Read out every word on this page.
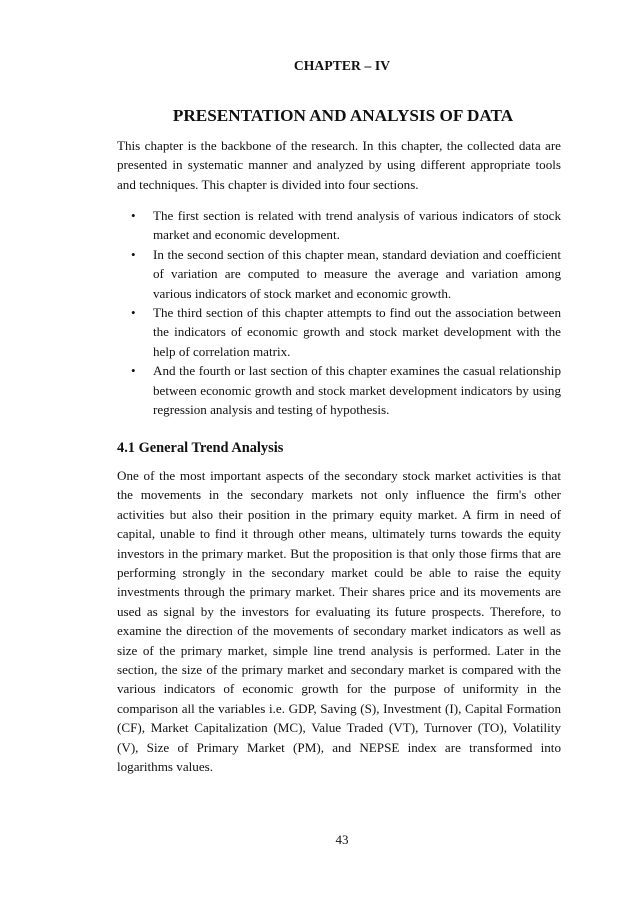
CHAPTER – IV

PRESENTATION AND ANALYSIS OF DATA

This chapter is the backbone of the research. In this chapter, the collected data are presented in systematic manner and analyzed by using different appropriate tools and techniques. This chapter is divided into four sections.

• The first section is related with trend analysis of various indicators of stock market and economic development.
• In the second section of this chapter mean, standard deviation and coefficient of variation are computed to measure the average and variation among various indicators of stock market and economic growth.
• The third section of this chapter attempts to find out the association between the indicators of economic growth and stock market development with the help of correlation matrix.
• And the fourth or last section of this chapter examines the casual relationship between economic growth and stock market development indicators by using regression analysis and testing of hypothesis.
4.1 General Trend Analysis

One of the most important aspects of the secondary stock market activities is that the movements in the secondary markets not only influence the firm's other activities but also their position in the primary equity market. A firm in need of capital, unable to find it through other means, ultimately turns towards the equity investors in the primary market. But the proposition is that only those firms that are performing strongly in the secondary market could be able to raise the equity investments through the primary market. Their shares price and its movements are used as signal by the investors for evaluating its future prospects. Therefore, to examine the direction of the movements of secondary market indicators as well as size of the primary market, simple line trend analysis is performed. Later in the section, the size of the primary market and secondary market is compared with the various indicators of economic growth for the purpose of uniformity in the comparison all the variables i.e. GDP, Saving (S), Investment (I), Capital Formation (CF), Market Capitalization (MC), Value Traded (VT), Turnover (TO), Volatility (V), Size of Primary Market (PM), and NEPSE index are transformed into logarithms values.

43
